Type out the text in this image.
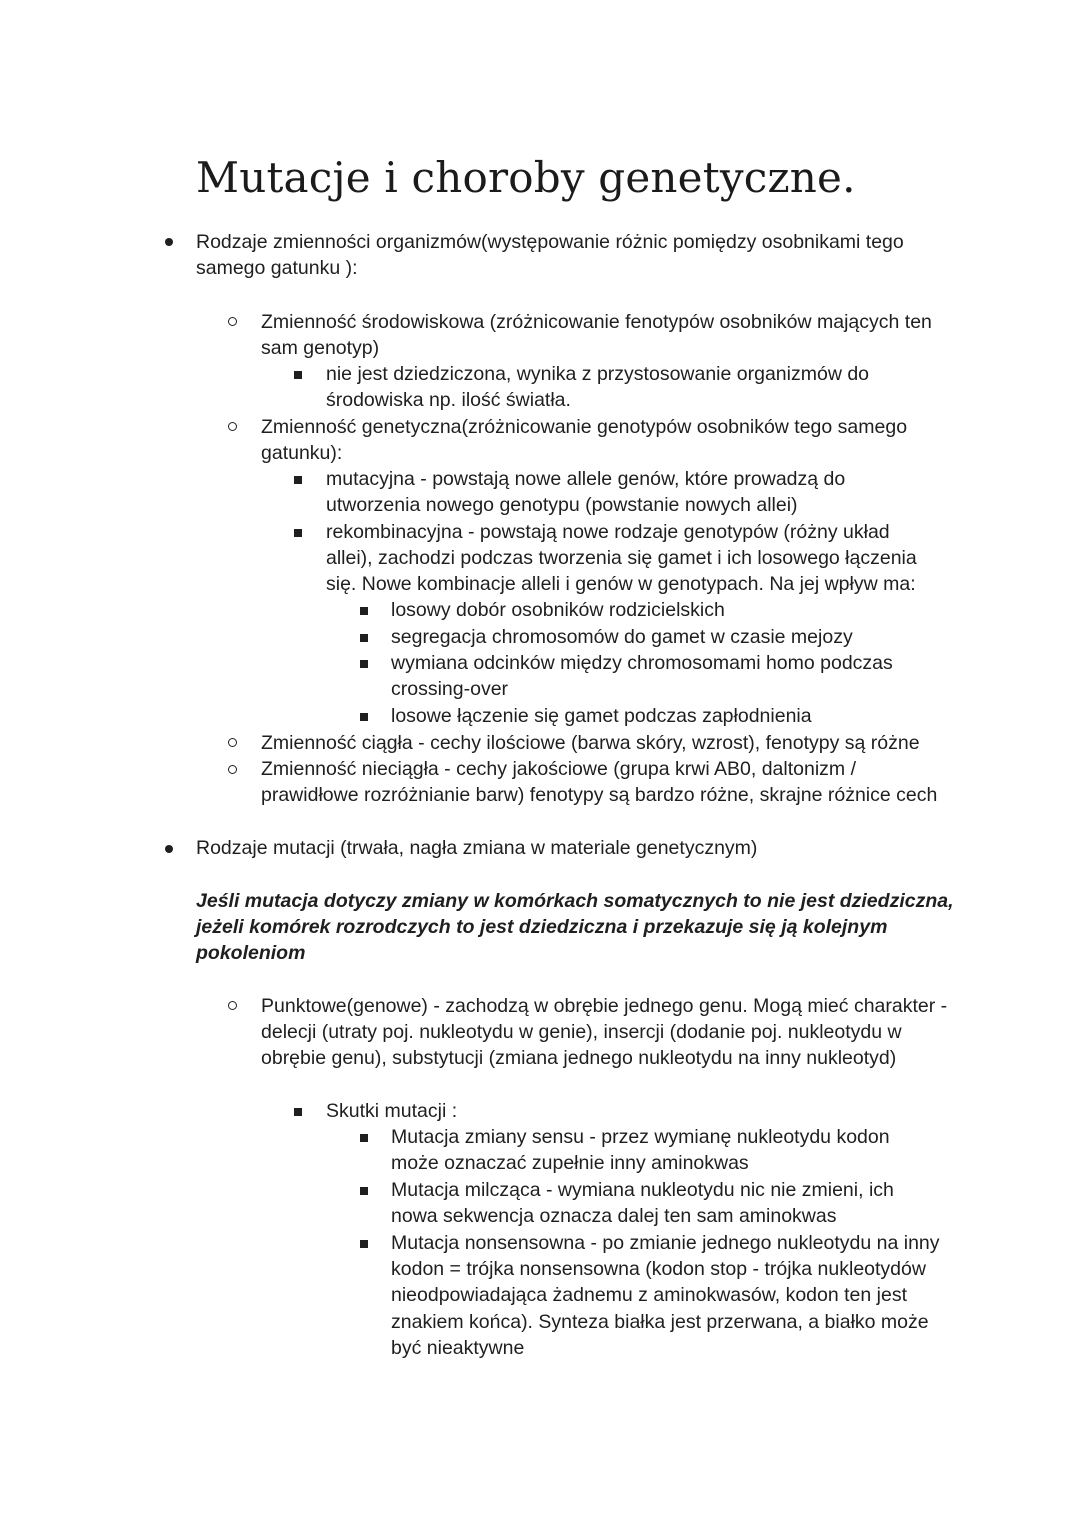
Mutacje i choroby genetyczne.

Rodzaje zmienności organizmów(występowanie różnic pomiędzy osobnikami tego samego gatunku ):

Zmienność środowiskowa (zróżnicowanie fenotypów osobników mających ten sam genotyp)

nie jest dziedziczona, wynika z przystosowanie organizmów do środowiska np. ilość światła.

Zmienność genetyczna(zróżnicowanie genotypów osobników tego samego gatunku):

mutacyjna - powstają nowe allele genów, które prowadzą do utworzenia nowego genotypu (powstanie nowych allei)

rekombinacyjna - powstają nowe rodzaje genotypów (różny układ allei), zachodzi podczas tworzenia się gamet i ich losowego łączenia się. Nowe kombinacje alleli i genów w genotypach. Na jej wpływ ma:

losowy dobór osobników rodzicielskich

segregacja chromosomów do gamet w czasie mejozy

wymiana odcinków między chromosomami homo podczas crossing-over

losowe łączenie się gamet podczas zapłodnienia

Zmienność ciągła - cechy ilościowe (barwa skóry, wzrost), fenotypy są różne

Zmienność nieciągła - cechy jakościowe (grupa krwi AB0, daltonizm / prawidłowe rozróżnianie barw) fenotypy są bardzo różne, skrajne różnice cech

Rodzaje mutacji (trwała, nagła zmiana w materiale genetycznym)

Jeśli mutacja dotyczy zmiany w komórkach somatycznych to nie jest dziedziczna, jeżeli komórek rozrodczych to jest dziedziczna i przekazuje się ją kolejnym pokoleniom

Punktowe(genowe) - zachodzą w obrębie jednego genu. Mogą mieć charakter - delecji (utraty poj. nukleotydu w genie), insercji (dodanie poj. nukleotydu w obrębie genu), substytucji (zmiana jednego nukleotydu na inny nukleotyd)

Skutki mutacji :

Mutacja zmiany sensu - przez wymianę nukleotydu kodon może oznaczać zupełnie inny aminokwas

Mutacja milcząca - wymiana nukleotydu nic nie zmieni, ich nowa sekwencja oznacza dalej ten sam aminokwas

Mutacja nonsensowna - po zmianie jednego nukleotydu na inny kodon = trójka nonsensowna (kodon stop - trójka nukleotydów nieodpowiadająca żadnemu z aminokwasów, kodon ten jest znakiem końca). Synteza białka jest przerwana, a białko może być nieaktywne
